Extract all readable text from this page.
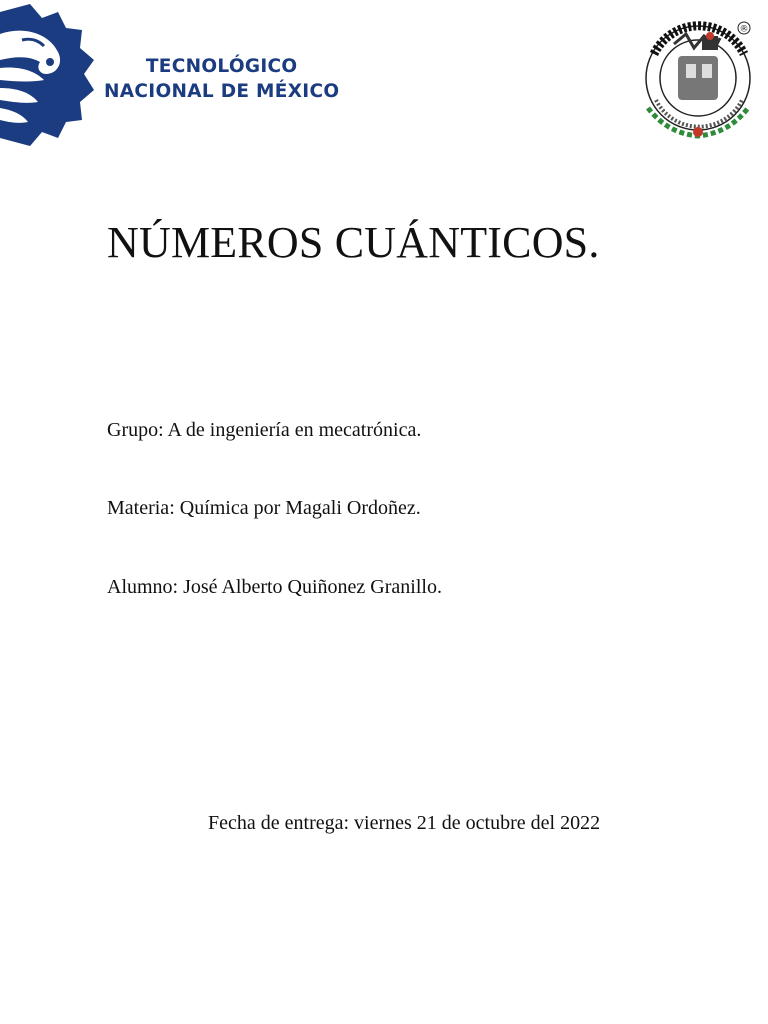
TECNOLÓGICO
NACIONAL DE MÉXICO
®
NÚMEROS CUÁNTICOS.
Grupo: A de ingeniería en mecatrónica.
Materia: Química por Magali Ordoñez.
Alumno: José Alberto Quiñonez Granillo.
Fecha de entrega: viernes 21 de octubre del 2022
